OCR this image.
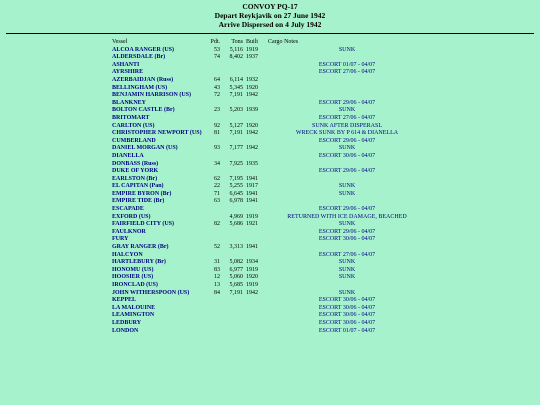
CONVOY PQ-17
Depart Reykjavik on 27 June 1942
Arrive Dispersed on 4 July 1942
Vessel	Pdt.	Tons	Built	Cargo Notes
ALCOA RANGER (US)	53	5,116	1919	SUNK
ALDERSDALE (Br)	74	8,402	1937	
ASHANTI				ESCORT 01/07 - 04/07
AYRSHIRE				ESCORT 27/06 - 04/07
AZERBAIDJAN (Russ)	64	6,114	1932	
BELLINGHAM (US)	43	5,345	1920	
BENJAMIN HARRISON (US)	72	7,191	1942	
BLANKNEY				ESCORT 29/06 - 04/07
BOLTON CASTLE (Br)	23	5,203	1939	SUNK
BRITOMART				ESCORT 27/06 - 04/07
CARLTON (US)	92	5,127	1920	SUNK AFTER DISPERASL
CHRISTOPHER NEWPORT (US)	81	7,191	1942	WRECK SUNK BY P 614 & DIANELLA
CUMBERLAND				ESCORT 29/06 - 04/07
DANIEL MORGAN (US)	93	7,177	1942	SUNK
DIANELLA				ESCORT 30/06 - 04/07
DONBASS (Russ)	34	7,925	1935	
DUKE OF YORK				ESCORT 29/06 - 04/07
EARLSTON (Br)	62	7,195	1941	
EL CAPITAN (Pan)	22	5,255	1917	SUNK
EMPIRE BYRON (Br)	71	6,645	1941	SUNK
EMPIRE TIDE (Br)	63	6,978	1941	
ESCAPADE				ESCORT 29/06 - 04/07
EXFORD (US)		4,969	1919	RETURNED WITH ICE DAMAGE, BEACHED
FAIRFIELD CITY (US)	82	5,686	1921	SUNK
FAULKNOR				ESCORT 29/06 - 04/07
FURY				ESCORT 30/06 - 04/07
GRAY RANGER (Br)	52	3,313	1941	
HALCYON				ESCORT 27/06 - 04/07
HARTLEBURY (Br)	31	5,082	1934	SUNK
HONOMU (US)	83	6,977	1919	SUNK
HOOSIER (US)	12	5,060	1920	SUNK
IRONCLAD (US)	13	5,685	1919	
JOHN WITHERSPOON (US)	84	7,191	1942	SUNK
KEPPEL				ESCORT 30/06 - 04/07
LA MALOUINE				ESCORT 30/06 - 04/07
LEAMINGTON				ESCORT 30/06 - 04/07
LEDBURY				ESCORT 30/06 - 04/07
LONDON				ESCORT 01/07 - 04/07
